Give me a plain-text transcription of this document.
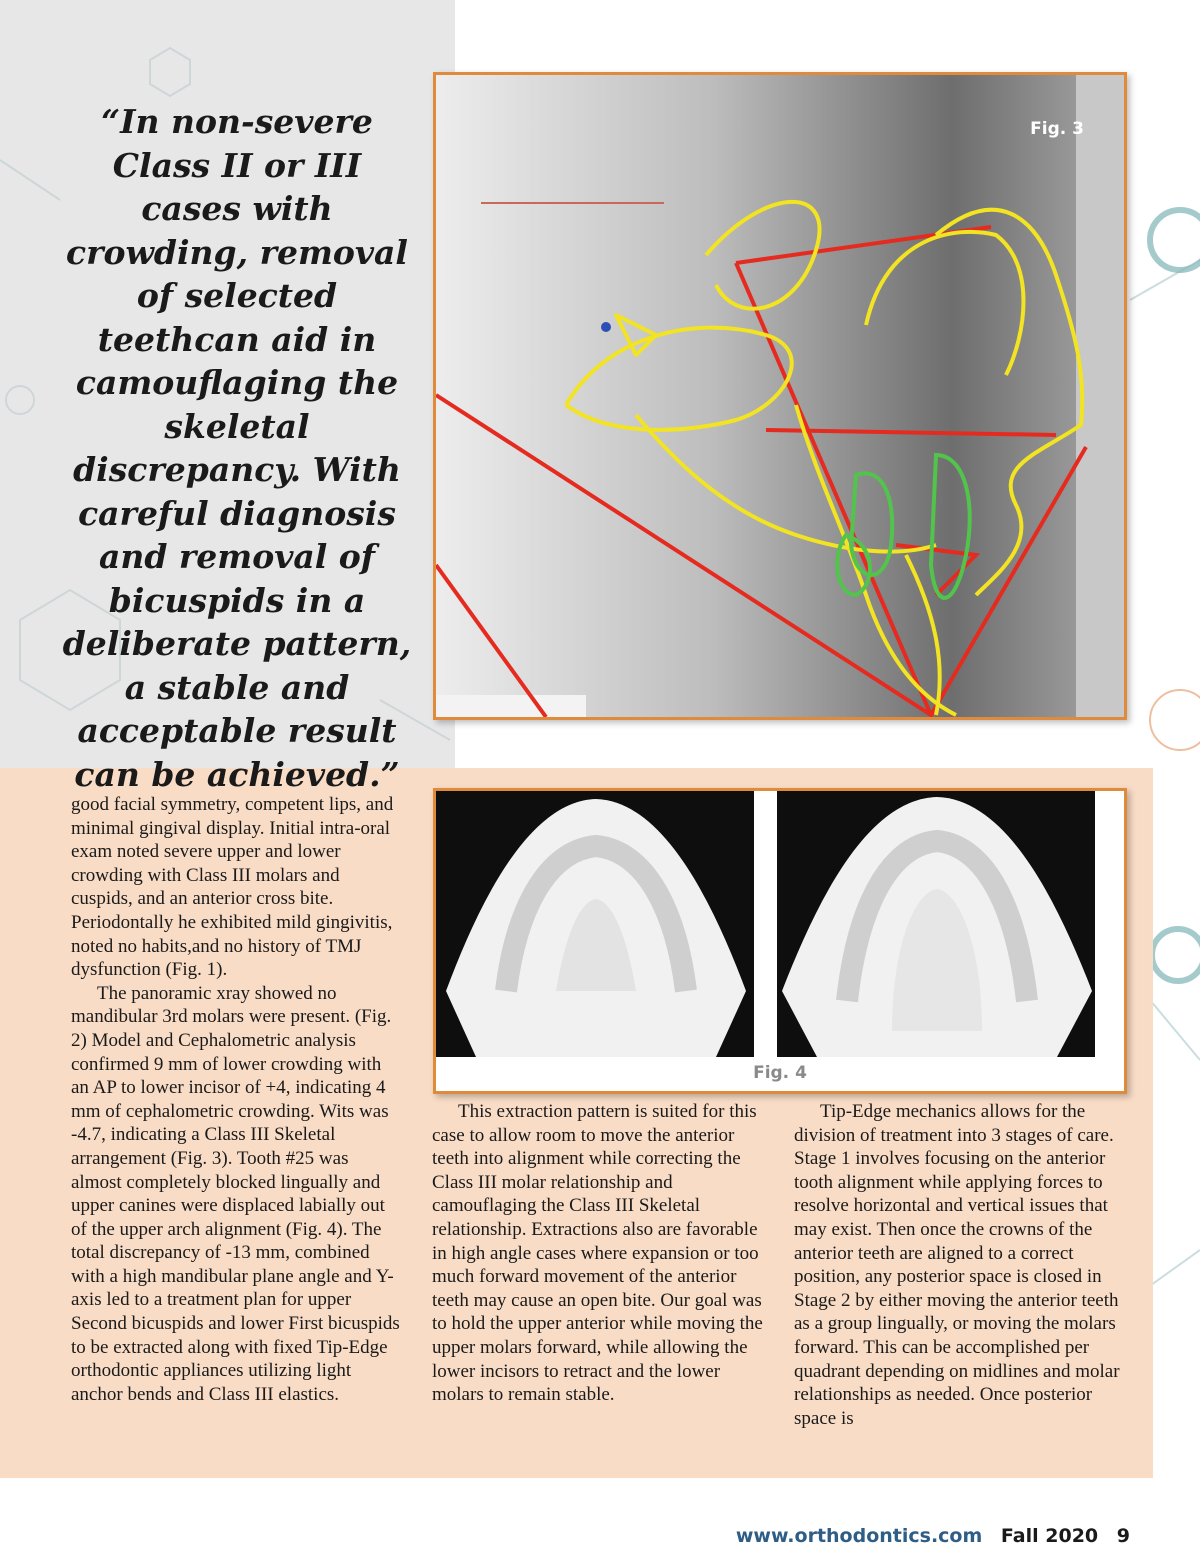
“In non-severe Class II or III cases with crowding, removal of selected teethcan aid in camouflaging the skeletal discrepancy. With careful diagnosis and removal of bicuspids in a deliberate pattern, a stable and acceptable result can be achieved.”

Fig. 3
Fig. 4

good facial symmetry, competent lips, and minimal gingival display. Initial intra-oral exam noted severe upper and lower crowding with Class III molars and cuspids, and an anterior cross bite. Periodontally he exhibited mild gingivitis, noted no habits,and no history of TMJ dysfunction (Fig. 1).

The panoramic xray showed no mandibular 3rd molars were present. (Fig. 2) Model and Cephalometric analysis confirmed 9 mm of lower crowding with an AP to lower incisor of +4, indicating 4 mm of cephalometric crowding. Wits was -4.7, indicating a Class III Skeletal arrangement (Fig. 3). Tooth #25 was almost completely blocked lingually and upper canines were displaced labially out of the upper arch alignment (Fig. 4). The total discrepancy of -13 mm, combined with a high mandibular plane angle and Y-axis led to a treatment plan for upper Second bicuspids and lower First bicuspids to be extracted along with fixed Tip-Edge orthodontic appliances utilizing light anchor bends and Class III elastics.

This extraction pattern is suited for this case to allow room to move the anterior teeth into alignment while correcting the Class III molar relationship and camouflaging the Class III Skeletal relationship. Extractions also are favorable in high angle cases where expansion or too much forward movement of the anterior teeth may cause an open bite. Our goal was to hold the upper anterior while moving the upper molars forward, while allowing the lower incisors to retract and the lower molars to remain stable.

Tip-Edge mechanics allows for the division of treatment into 3 stages of care. Stage 1 involves focusing on the anterior tooth alignment while applying forces to resolve horizontal and vertical issues that may exist. Then once the crowns of the anterior teeth are aligned to a correct position, any posterior space is closed in Stage 2 by either moving the anterior teeth as a group lingually, or moving the molars forward. This can be accomplished per quadrant depending on midlines and molar relationships as needed. Once posterior space is

www.orthodontics.com Fall 2020 9
